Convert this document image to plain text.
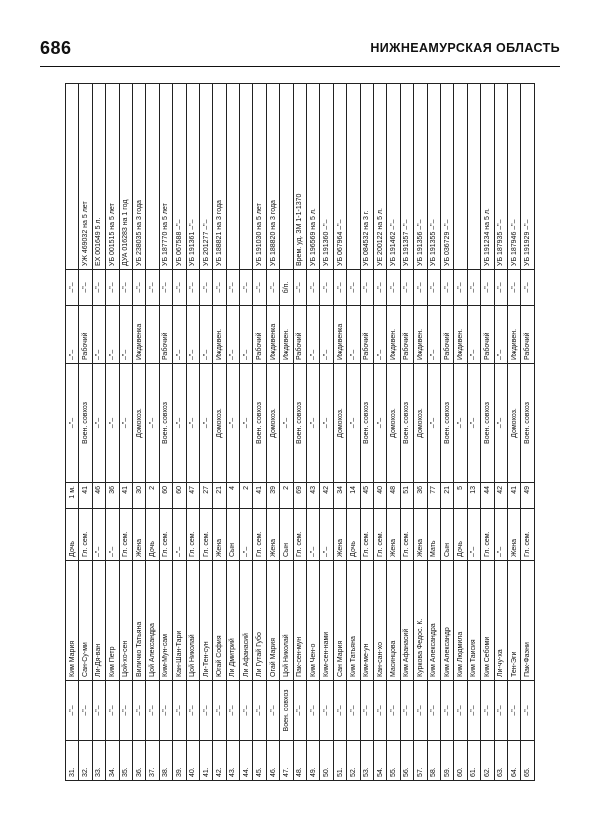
686	НИЖНЕАМУРСКАЯ ОБЛАСТЬ
31.	–"–	Ким Мария	Дочь	1 м.	–"–	–"–	–"–	
32.	–"–	Сан-Су-ми	Гл. сем.	41	Воен. совхоз	Рабочий	–"–	УЖ 469032 на 5 лет
33.	–"–	Ли-Дя-ван	–"–	46	–"–	–"–	–"–	ЕХ 001649 5 л.
34.	–"–	Ким Петр	–"–	36	–"–	–"–	–"–	УБ 001515 на 5 лет
35.	–"–	Цой-хо-сен	Гл. сем.	41	–"–	–"–	–"–	ДУА 016283 на 1 год
36.	–"–	Виличко Татьяна	Жена	30	Домохоз.	Иждивенка	–"–	УБ 238035 на 3 года
37.	–"–	Цой Александра	Дочь	2	–"–		–"–	
38.	–"–	Ким-Мун-сам	Гл. сем.	60	Воен. совхоз	Рабочий	–"–	УБ 187770 на 5 лет
39.	–"–	Кан-Шан-Тари	–"–	60	–"–	–"–	–"–	УБ 067588 –"–
40.	–"–	Цой Николай	Гл. сем.	47	–"–	–"–	–"–	УБ 191361 –"–
41.	–"–	Ли-Тен-сун	Гл. сем.	27	–"–	–"–	–"–	УБ 201277 –"–
42.	–"–	Югай София	Жена	21	Домохоз.	Иждивен.	–"–	УБ 188821 на 3 года
43.	–"–	Ли Дмитрий	Сын	4	–"–	–"–	–"–	
44.	–"–	Ли Афанасий	–"–	2	–"–	–"–	–"–	
45.	–"–	Ли Гутай Губо	Гл. сем.	41	Воен. совхоз	Рабочий	–"–	УБ 191030 на 5 лет
46.	–"–	Огай Мария	Жена	39	Домохоз.	Иждивенка	–"–	УБ 188820 на 3 года
47.	Воен. совхоз	Цой Николай	Сын	2	–"–	Иждивен.	б/п.	
48.	–"–	Пак-сен-мун	Гл. сем.	69	Воен. совхоз	Рабочий	–"–	Врем. уд. ЗМ 1-1-1370
49.	–"–	Ким Чен-о	–"–	43	–"–	–"–	–"–	УБ 196569 на 5 л.
50.	–"–	Ким-сен-нами	–"–	42	–"–	–"–	–"–	УБ 191360 –"–
51.	–"–	Сан Мария	Жена	34	Домохоз.	Иждивенка	–"–	УБ 067964 –"–
52.	–"–	Ким Татьяна	Дочь	14	–"–	–"–	–"–	
53.	–"–	Ким-ме-ун	Гл. сем.	45	Воен. совхоз	Рабочий	–"–	УБ 084532 на 3 г.
54.	–"–	Кан-сан-хо	Гл. сем.	40	–"–	–"–	–"–	УЕ 200122 на 5 л.
55.	–"–	Масинцова	Жена	48	Домохоз.	Иждивен.	–"–	УБ 191462 –"–
56.	–"–	Ким Афанасий	Гл. сем.	51	Воен. совхоз	Рабочий	–"–	УБ 191357 –"–
57.	–"–	Куркова Федос. К.	Жена	36	Домохоз.	Иждивен.	–"–	УБ 191356 –"–
58.	–"–	Ким Александра	Мать	77	–"–	–"–	–"–	УБ 191355 –"–
59.	–"–	Ким Александр	Сын	21	Воен. совхоз	Рабочий	–"–	УБ 036729 –"–
60.	–"–	Ким Людмила	Дочь	5	–"–	Иждивен.	–"–	
61.	–"–	Ким Таисия	–"–	13	–"–	–"–	–"–	
62.	–"–	Ким Себоми	Гл. сем.	44	Воен. совхоз	Рабочий	–"–	УБ 191234 на 5 л.
63.	–"–	Ли-чу-ха	–"–	42	–"–	–"–	–"–	УБ 187935 –"–
64.	–"–	Тен-Эги	Жена	41	Домохоз.	Иждивен.	–"–	УБ 187946 –"–
65.	–"–	Пак-Фаэни	Гл. сем.	49	Воен. совхоз	Рабочий	–"–	УБ 191929 –"–
